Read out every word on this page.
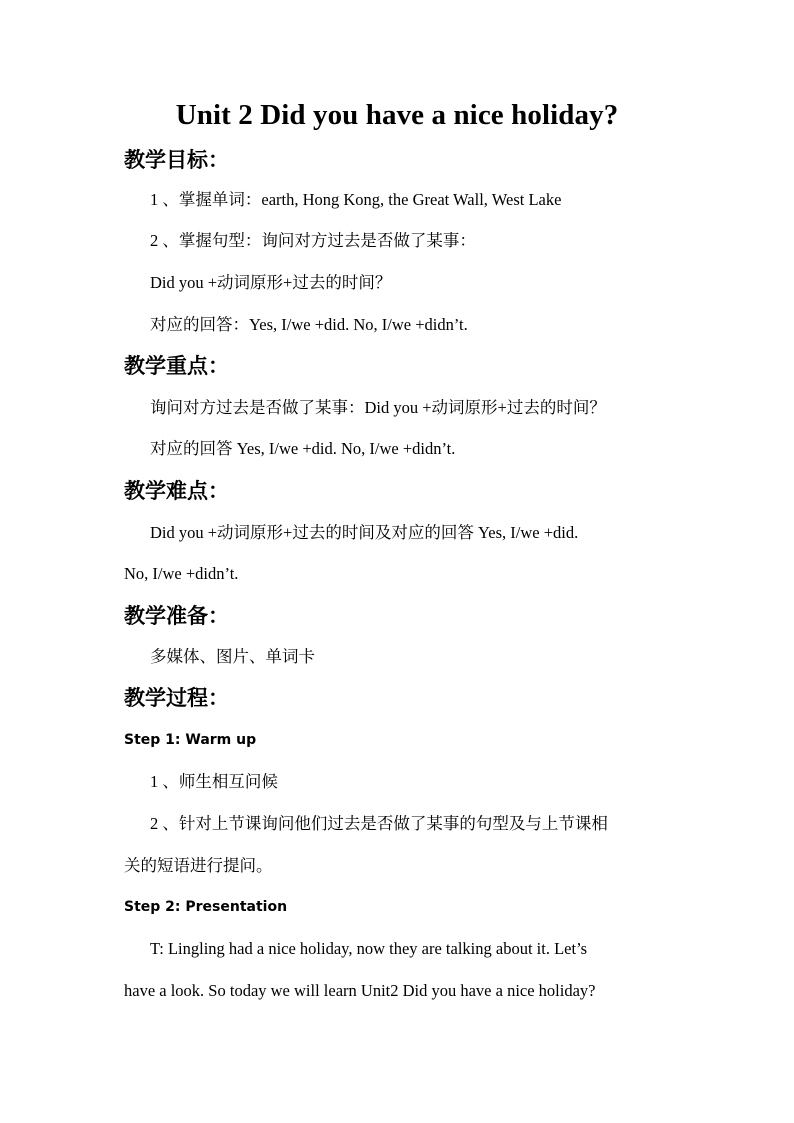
Unit 2 Did you have a nice holiday?
教学目标：
1 、掌握单词：earth, Hong Kong, the Great Wall, West Lake
2 、掌握句型：询问对方过去是否做了某事：
Did you +动词原形+过去的时间？
对应的回答：Yes, I/we +did. No, I/we +didn’t.
教学重点：
询问对方过去是否做了某事：Did you +动词原形+过去的时间？
对应的回答 Yes, I/we +did. No, I/we +didn’t.
教学难点：
Did you +动词原形+过去的时间及对应的回答 Yes, I/we +did.
No, I/we +didn’t.
教学准备：
多媒体、图片、单词卡
教学过程：
Step 1: Warm up
1 、师生相互问候
2 、针对上节课询问他们过去是否做了某事的句型及与上节课相
关的短语进行提问。
Step 2: Presentation
T: Lingling had a nice holiday, now they are talking about it. Let’s
have a look. So today we will learn Unit2 Did you have a nice holiday?
